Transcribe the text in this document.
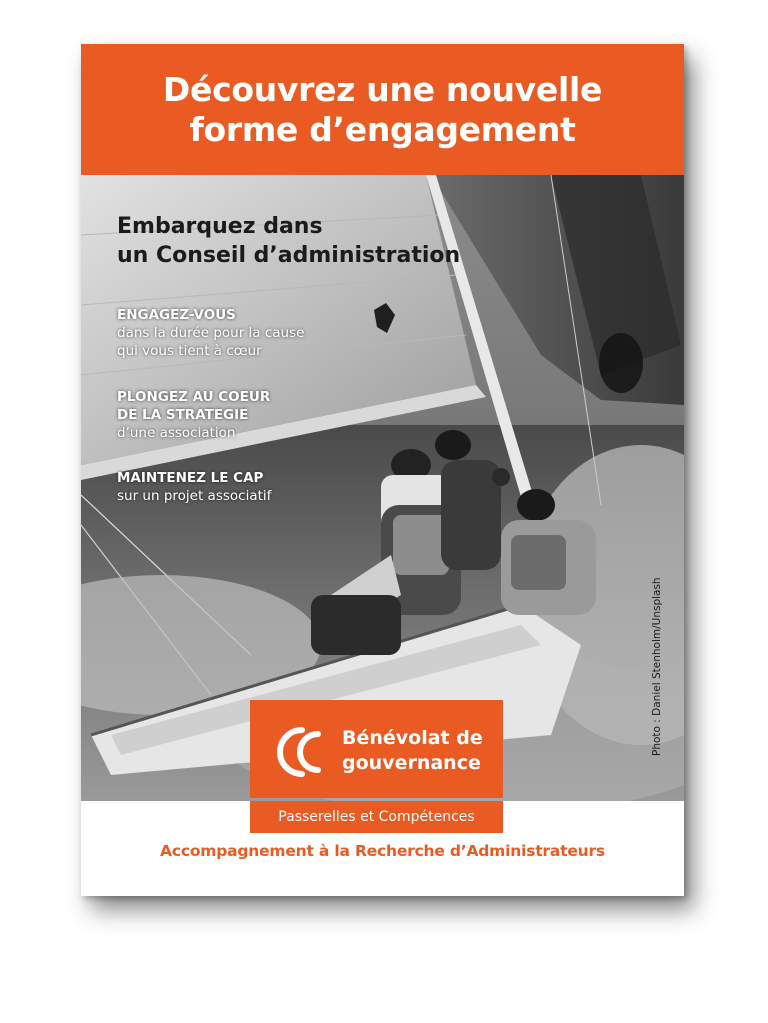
Découvrez une nouvelle
forme d’engagement
Embarquez dans
un Conseil d’administration
ENGAGEZ-VOUS
dans la durée pour la cause
qui vous tient à cœur
PLONGEZ AU COEUR
DE LA STRATEGIE
d’une association
MAINTENEZ LE CAP
sur un projet associatif
Photo : Daniel Stenholm/Unsplash
Bénévolat de
gouvernance
Passerelles et Compétences
Accompagnement à la Recherche d’Administrateurs
